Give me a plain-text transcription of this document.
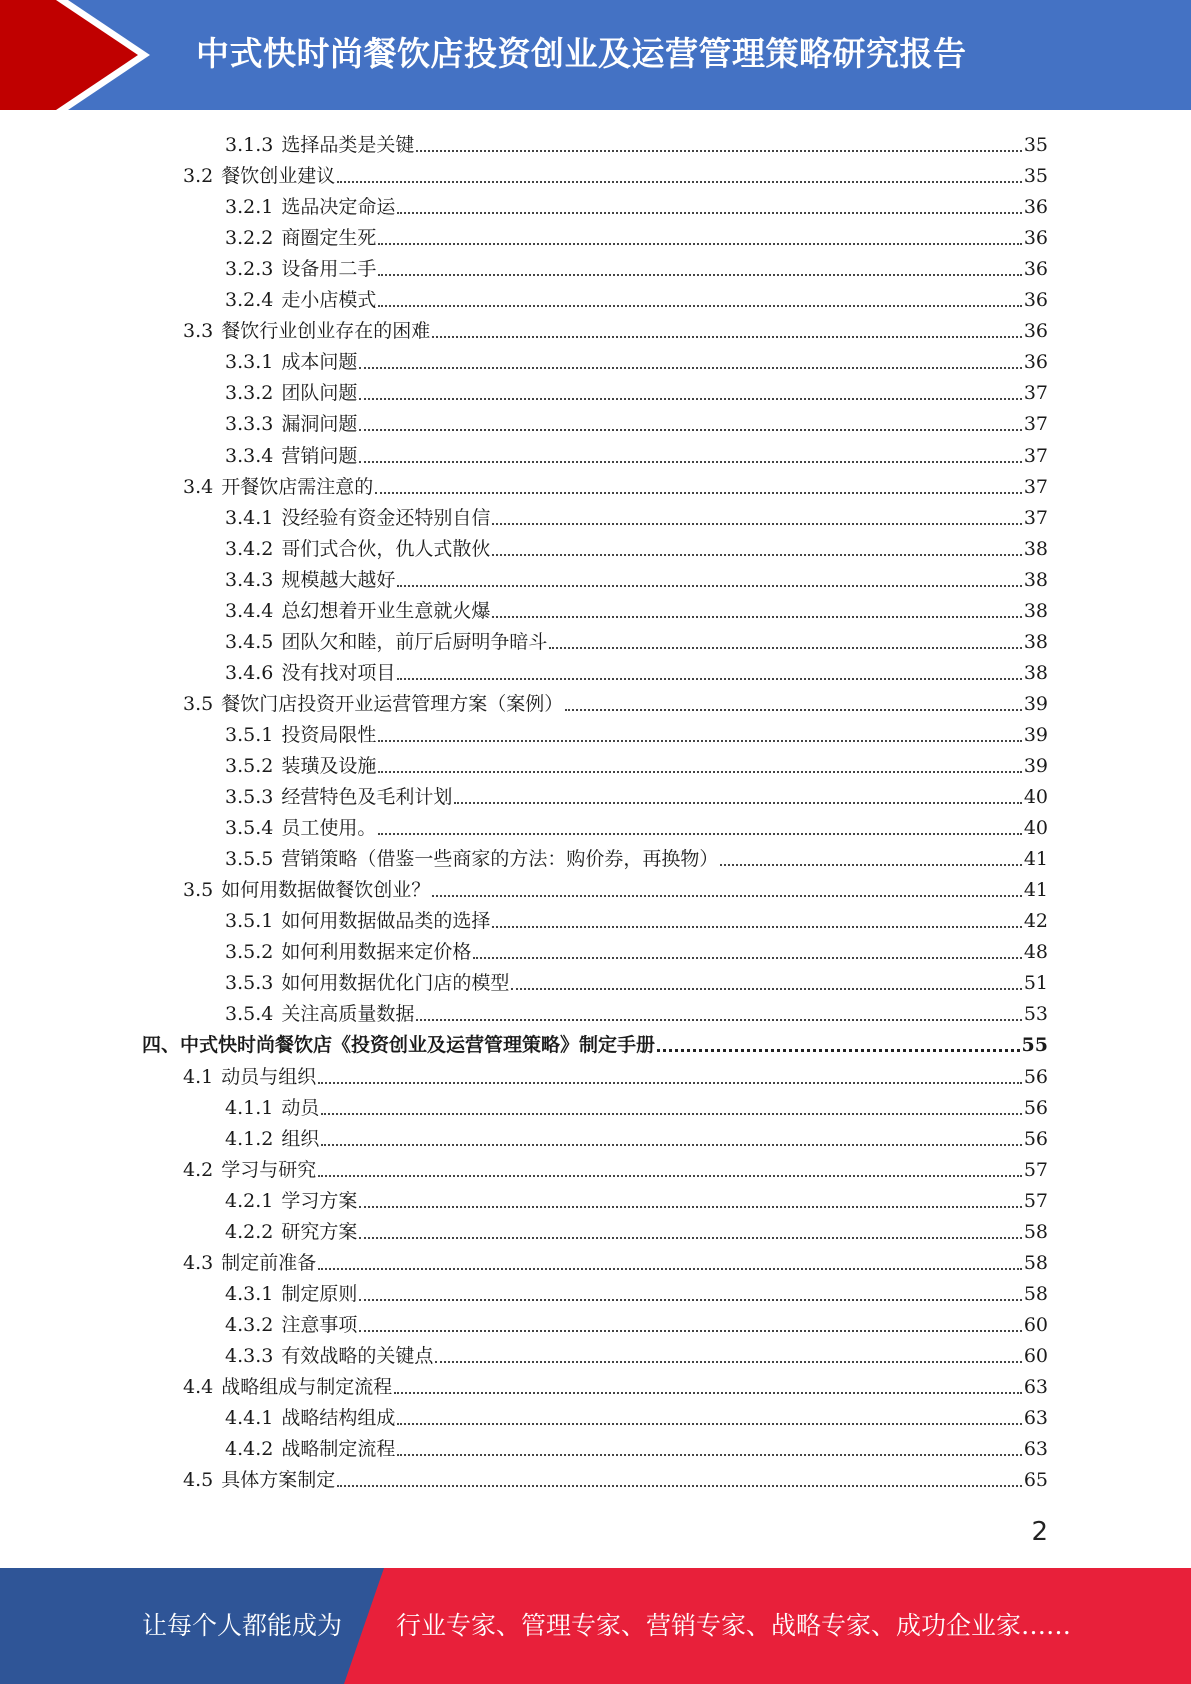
中式快时尚餐饮店投资创业及运营管理策略研究报告
3.1.3 选择品类是关键	35
3.2 餐饮创业建议	35
3.2.1 选品决定命运	36
3.2.2 商圈定生死	36
3.2.3 设备用二手	36
3.2.4 走小店模式	36
3.3 餐饮行业创业存在的困难	36
3.3.1 成本问题	36
3.3.2 团队问题	37
3.3.3 漏洞问题	37
3.3.4 营销问题	37
3.4 开餐饮店需注意的	37
3.4.1 没经验有资金还特别自信	37
3.4.2 哥们式合伙，仇人式散伙	38
3.4.3 规模越大越好	38
3.4.4 总幻想着开业生意就火爆	38
3.4.5 团队欠和睦，前厅后厨明争暗斗	38
3.4.6 没有找对项目	38
3.5 餐饮门店投资开业运营管理方案（案例）	39
3.5.1 投资局限性	39
3.5.2 装璜及设施	39
3.5.3 经营特色及毛利计划	40
3.5.4 员工使用。	40
3.5.5 营销策略（借鉴一些商家的方法：购价券，再换物）	41
3.5 如何用数据做餐饮创业？	41
3.5.1 如何用数据做品类的选择	42
3.5.2 如何利用数据来定价格	48
3.5.3 如何用数据优化门店的模型	51
3.5.4 关注高质量数据	53
四、中式快时尚餐饮店《投资创业及运营管理策略》制定手册	55
4.1 动员与组织	56
4.1.1 动员	56
4.1.2 组织	56
4.2 学习与研究	57
4.2.1 学习方案	57
4.2.2 研究方案	58
4.3 制定前准备	58
4.3.1 制定原则	58
4.3.2 注意事项	60
4.3.3 有效战略的关键点	60
4.4 战略组成与制定流程	63
4.4.1 战略结构组成	63
4.4.2 战略制定流程	63
4.5 具体方案制定	65
2
让每个人都能成为 行业专家、管理专家、营销专家、战略专家、成功企业家……
